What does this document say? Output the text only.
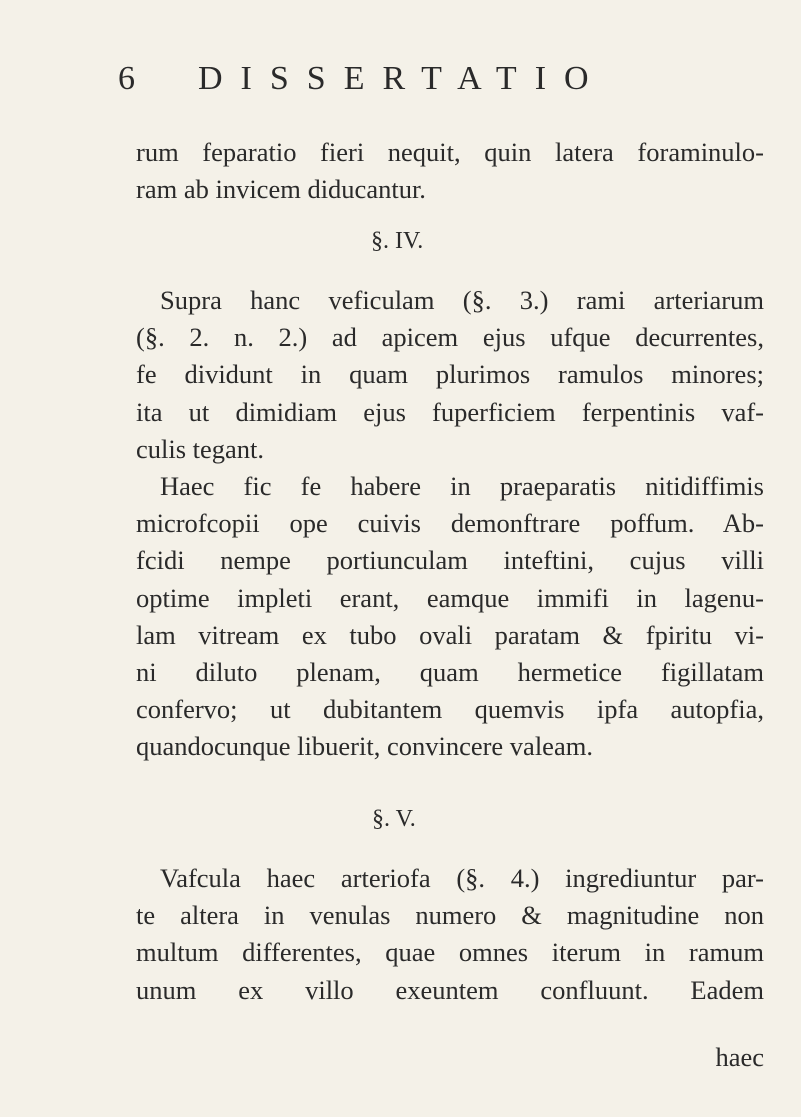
6 DISSERTATIO
rum feparatio fieri nequit, quin latera foraminulo-
ram ab invicem diducantur.
§. IV.
Supra hanc veficulam (§. 3.) rami arteriarum
(§. 2. n. 2.) ad apicem ejus ufque decurrentes,
fe dividunt in quam plurimos ramulos minores;
ita ut dimidiam ejus fuperficiem ferpentinis vaf-
culis tegant.
Haec fic fe habere in praeparatis nitidiffimis
microfcopii ope cuivis demonftrare poffum. Ab-
fcidi nempe portiunculam inteftini, cujus villi
optime impleti erant, eamque immifi in lagenu-
lam vitream ex tubo ovali paratam & fpiritu vi-
ni diluto plenam, quam hermetice figillatam
confervo; ut dubitantem quemvis ipfa autopfia,
quandocunque libuerit, convincere valeam.
§. V.
Vafcula haec arteriofa (§. 4.) ingrediuntur par-
te altera in venulas numero & magnitudine non
multum differentes, quae omnes iterum in ramum
unum ex villo exeuntem confluunt. Eadem
haec
